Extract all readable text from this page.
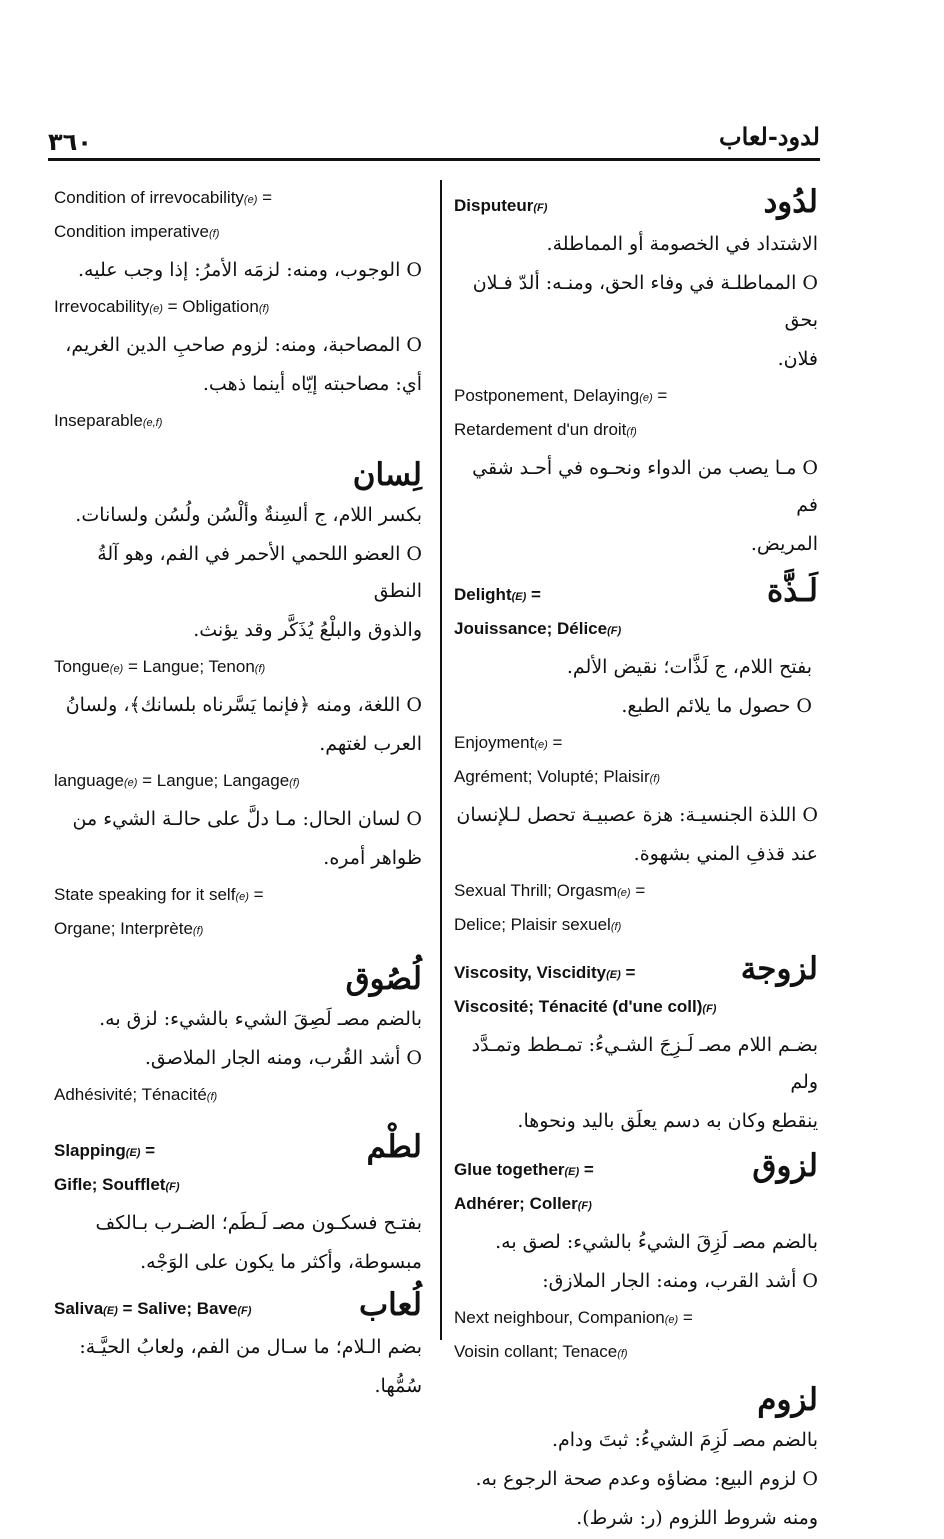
٣٦٠	لدود-لعاب
Condition of irrevocability(e) =
Condition imperative(f)
O الوجوب، ومنه: لزمَه الأمرُ: إذا وجب عليه.
Irrevocability(e) = Obligation(f)
O المصاحبة، ومنه: لزوم صاحبِ الدين الغريم،
أي: مصاحبته إيّاه أينما ذهب.
Inseparable(e,f)
لِسان
بكسر اللام، ج ألسِنةٌ وألْسُن ولُسُن ولسانات.
O العضو اللحمي الأحمر في الفم، وهو آلةُ النطق
والذوق والبلْعُ يُذَكَّر وقد يؤنث.
Tongue(e) = Langue; Tenon(f)
O اللغة، ومنه ﴿فإنما يَسَّرناه بلسانك﴾، ولسانُ
العرب لغتهم.
language(e) = Langue; Langage(f)
O لسان الحال: مـا دلَّ على حالـة الشيء من
ظواهر أمره.
State speaking for it self(e) =
Organe; Interprète(f)
لُصُوق
بالضم مصـ لَصِقَ الشيء بالشيء: لزق به.
O أشد القُرب، ومنه الجار الملاصق.
Adhésivité; Ténacité(f)
لطْم
Slapping(E) =
Gifle; Soufflet(F)
بفتـح فسكـون مصـ لَـطَم؛ الضـرب بـالكف
مبسوطة، وأكثر ما يكون على الوَجْه.
لُعاب
Saliva(E) = Salive; Bave(F)
بضم الـلام؛ ما سـال من الفم، ولعابُ الحيَّـة:
سُمُّها.
لدُود
Disputeur(F)
الاشتداد في الخصومة أو المماطلة.
O المماطلـة في وفاء الحق، ومنـه: ألدّ فـلان بحق
فلان.
Postponement, Delaying(e) =
Retardement d'un droit(f)
O مـا يصب من الدواء ونحـوه في أحـد شقي فم
المريض.
لَـذَّة
Delight(E) =
Jouissance; Délice(F)
بفتح اللام، ج لَذَّات؛ نقيض الألم.
O حصول ما يلائم الطبع.
Enjoyment(e) =
Agrément; Volupté; Plaisir(f)
O اللذة الجنسيـة: هزة عصبيـة تحصل لـلإنسان
عند قذفِ المني بشهوة.
Sexual Thrill; Orgasm(e) =
Delice; Plaisir sexuel(f)
لزوجة
Viscosity, Viscidity(E) =
Viscosité; Ténacité (d'une coll)(F)
بضـم اللام مصـ لَـزِجَ الشـيءُ: تمـطط وتمـدَّد ولم
ينقطع وكان به دسم يعلَق باليد ونحوها.
لزوق
Glue together(E) =
Adhérer; Coller(F)
بالضم مصـ لَزِقَ الشيءُ بالشيء: لصق به.
O أشد القرب، ومنه: الجار الملازق:
Next neighbour, Companion(e) =
Voisin collant; Tenace(f)
لزوم
بالضم مصـ لَزِمَ الشيءُ: ثبتَ ودام.
O لزوم البيع: مضاؤه وعدم صحة الرجوع به.
ومنه شروط اللزوم (ر: شرط).
